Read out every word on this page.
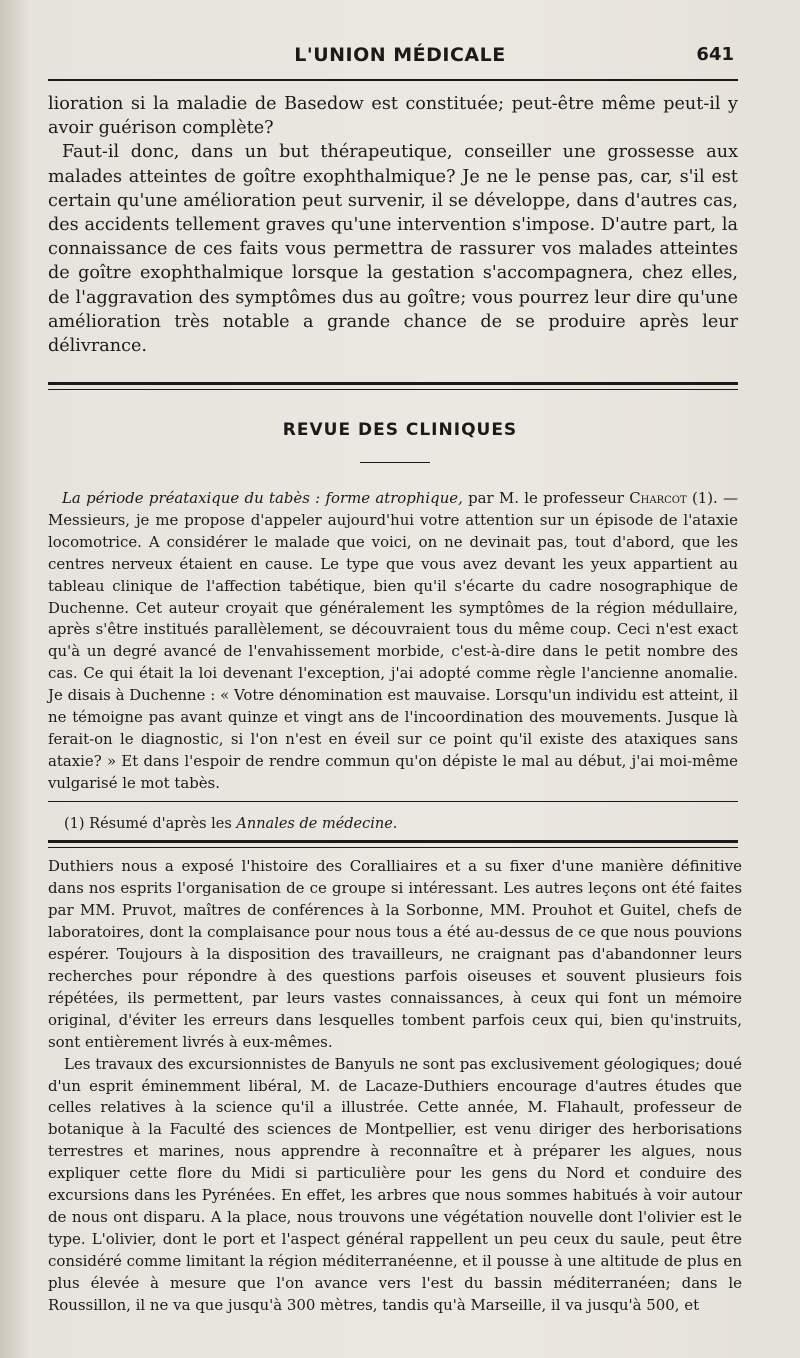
L'UNION MÉDICALE	641

lioration si la maladie de Basedow est constituée; peut-être même peut-il y avoir guérison complète?

Faut-il donc, dans un but thérapeutique, conseiller une grossesse aux malades atteintes de goître exophthalmique? Je ne le pense pas, car, s'il est certain qu'une amélioration peut survenir, il se développe, dans d'autres cas, des accidents tellement graves qu'une intervention s'impose. D'autre part, la connaissance de ces faits vous permettra de rassurer vos malades atteintes de goître exophthalmique lorsque la gestation s'accompagnera, chez elles, de l'aggravation des symptômes dus au goître; vous pourrez leur dire qu'une amélioration très notable a grande chance de se produire après leur délivrance.

REVUE DES CLINIQUES

La période préataxique du tabès : forme atrophique, par M. le professeur Charcot (1). — Messieurs, je me propose d'appeler aujourd'hui votre attention sur un épisode de l'ataxie locomotrice. A considérer le malade que voici, on ne devinait pas, tout d'abord, que les centres nerveux étaient en cause. Le type que vous avez devant les yeux appartient au tableau clinique de l'affection tabétique, bien qu'il s'écarte du cadre nosographique de Duchenne. Cet auteur croyait que généralement les symptômes de la région médullaire, après s'être institués parallèlement, se découvraient tous du même coup. Ceci n'est exact qu'à un degré avancé de l'envahissement morbide, c'est-à-dire dans le petit nombre des cas. Ce qui était la loi devenant l'exception, j'ai adopté comme règle l'ancienne anomalie. Je disais à Duchenne : « Votre dénomination est mauvaise. Lorsqu'un individu est atteint, il ne témoigne pas avant quinze et vingt ans de l'incoordination des mouvements. Jusque là ferait-on le diagnostic, si l'on n'est en éveil sur ce point qu'il existe des ataxiques sans ataxie? » Et dans l'espoir de rendre commun qu'on dépiste le mal au début, j'ai moi-même vulgarisé le mot tabès.

(1) Résumé d'après les Annales de médecine.

Duthiers nous a exposé l'histoire des Coralliaires et a su fixer d'une manière définitive dans nos esprits l'organisation de ce groupe si intéressant. Les autres leçons ont été faites par MM. Pruvot, maîtres de conférences à la Sorbonne, MM. Prouhot et Guitel, chefs de laboratoires, dont la complaisance pour nous tous a été au-dessus de ce que nous pouvions espérer. Toujours à la disposition des travailleurs, ne craignant pas d'abandonner leurs recherches pour répondre à des questions parfois oiseuses et souvent plusieurs fois répétées, ils permettent, par leurs vastes connaissances, à ceux qui font un mémoire original, d'éviter les erreurs dans lesquelles tombent parfois ceux qui, bien qu'instruits, sont entièrement livrés à eux-mêmes.

Les travaux des excursionnistes de Banyuls ne sont pas exclusivement géologiques; doué d'un esprit éminemment libéral, M. de Lacaze-Duthiers encourage d'autres études que celles relatives à la science qu'il a illustrée. Cette année, M. Flahault, professeur de botanique à la Faculté des sciences de Montpellier, est venu diriger des herborisations terrestres et marines, nous apprendre à reconnaître et à préparer les algues, nous expliquer cette flore du Midi si particulière pour les gens du Nord et conduire des excursions dans les Pyrénées. En effet, les arbres que nous sommes habitués à voir autour de nous ont disparu. A la place, nous trouvons une végétation nouvelle dont l'olivier est le type. L'olivier, dont le port et l'aspect général rappellent un peu ceux du saule, peut être considéré comme limitant la région méditerranéenne, et il pousse à une altitude de plus en plus élevée à mesure que l'on avance vers l'est du bassin méditerranéen; dans le Roussillon, il ne va que jusqu'à 300 mètres, tandis qu'à Marseille, il va jusqu'à 500, et
